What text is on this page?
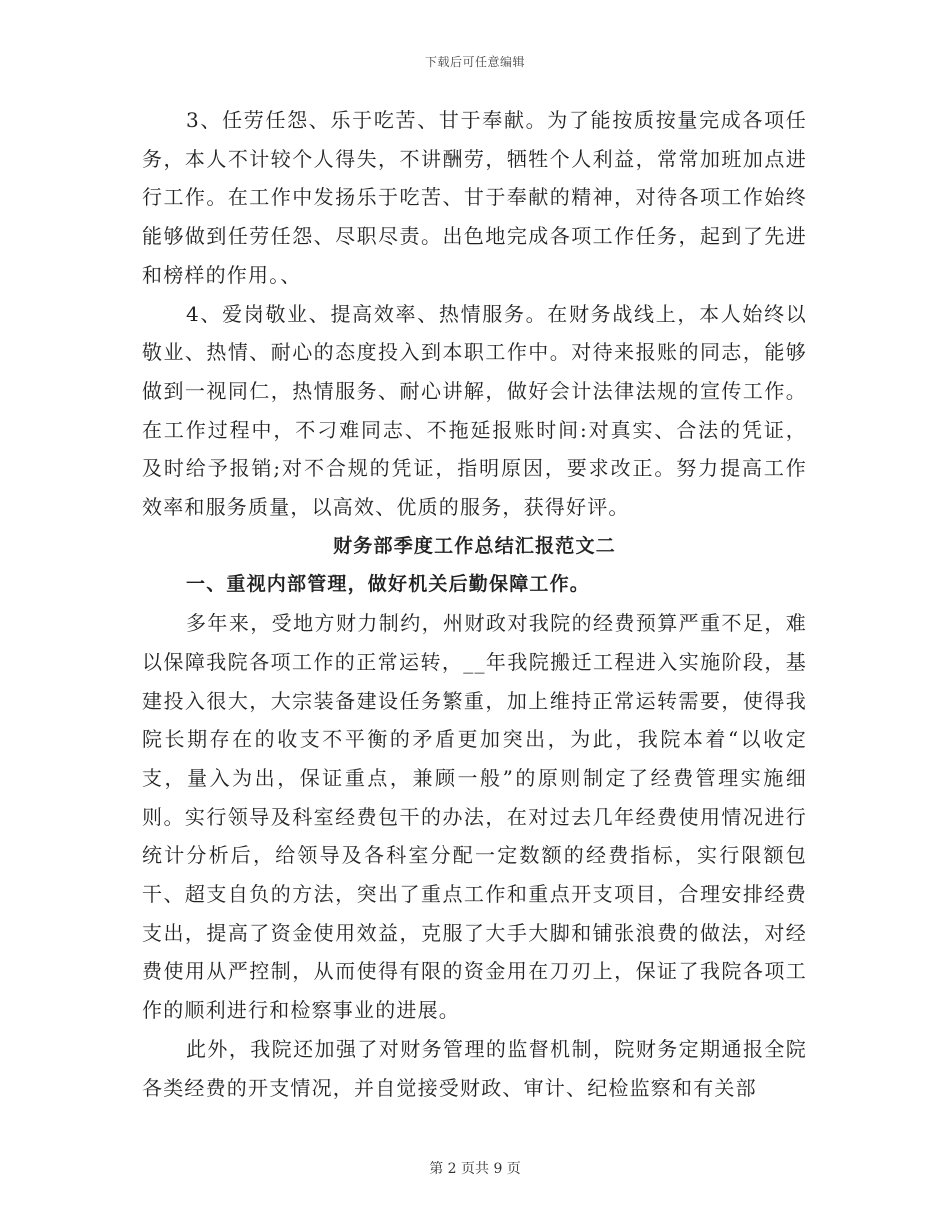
下载后可任意编辑

3、任劳任怨、乐于吃苦、甘于奉献。为了能按质按量完成各项任务，本人不计较个人得失，不讲酬劳，牺牲个人利益，常常加班加点进行工作。在工作中发扬乐于吃苦、甘于奉献的精神，对待各项工作始终能够做到任劳任怨、尽职尽责。出色地完成各项工作任务，起到了先进和榜样的作用。、

4、爱岗敬业、提高效率、热情服务。在财务战线上，本人始终以敬业、热情、耐心的态度投入到本职工作中。对待来报账的同志，能够做到一视同仁，热情服务、耐心讲解，做好会计法律法规的宣传工作。在工作过程中，不刁难同志、不拖延报账时间:对真实、合法的凭证，及时给予报销;对不合规的凭证，指明原因，要求改正。努力提高工作效率和服务质量，以高效、优质的服务，获得好评。

财务部季度工作总结汇报范文二

一、重视内部管理，做好机关后勤保障工作。

多年来，受地方财力制约，州财政对我院的经费预算严重不足，难以保障我院各项工作的正常运转，__年我院搬迁工程进入实施阶段，基建投入很大，大宗装备建设任务繁重，加上维持正常运转需要，使得我院长期存在的收支不平衡的矛盾更加突出，为此，我院本着“以收定支，量入为出，保证重点，兼顾一般”的原则制定了经费管理实施细则。实行领导及科室经费包干的办法，在对过去几年经费使用情况进行统计分析后，给领导及各科室分配一定数额的经费指标，实行限额包干、超支自负的方法，突出了重点工作和重点开支项目，合理安排经费支出，提高了资金使用效益，克服了大手大脚和铺张浪费的做法，对经费使用从严控制，从而使得有限的资金用在刀刃上，保证了我院各项工作的顺利进行和检察事业的进展。

此外，我院还加强了对财务管理的监督机制，院财务定期通报全院各类经费的开支情况，并自觉接受财政、审计、纪检监察和有关部

第 2 页共 9 页
